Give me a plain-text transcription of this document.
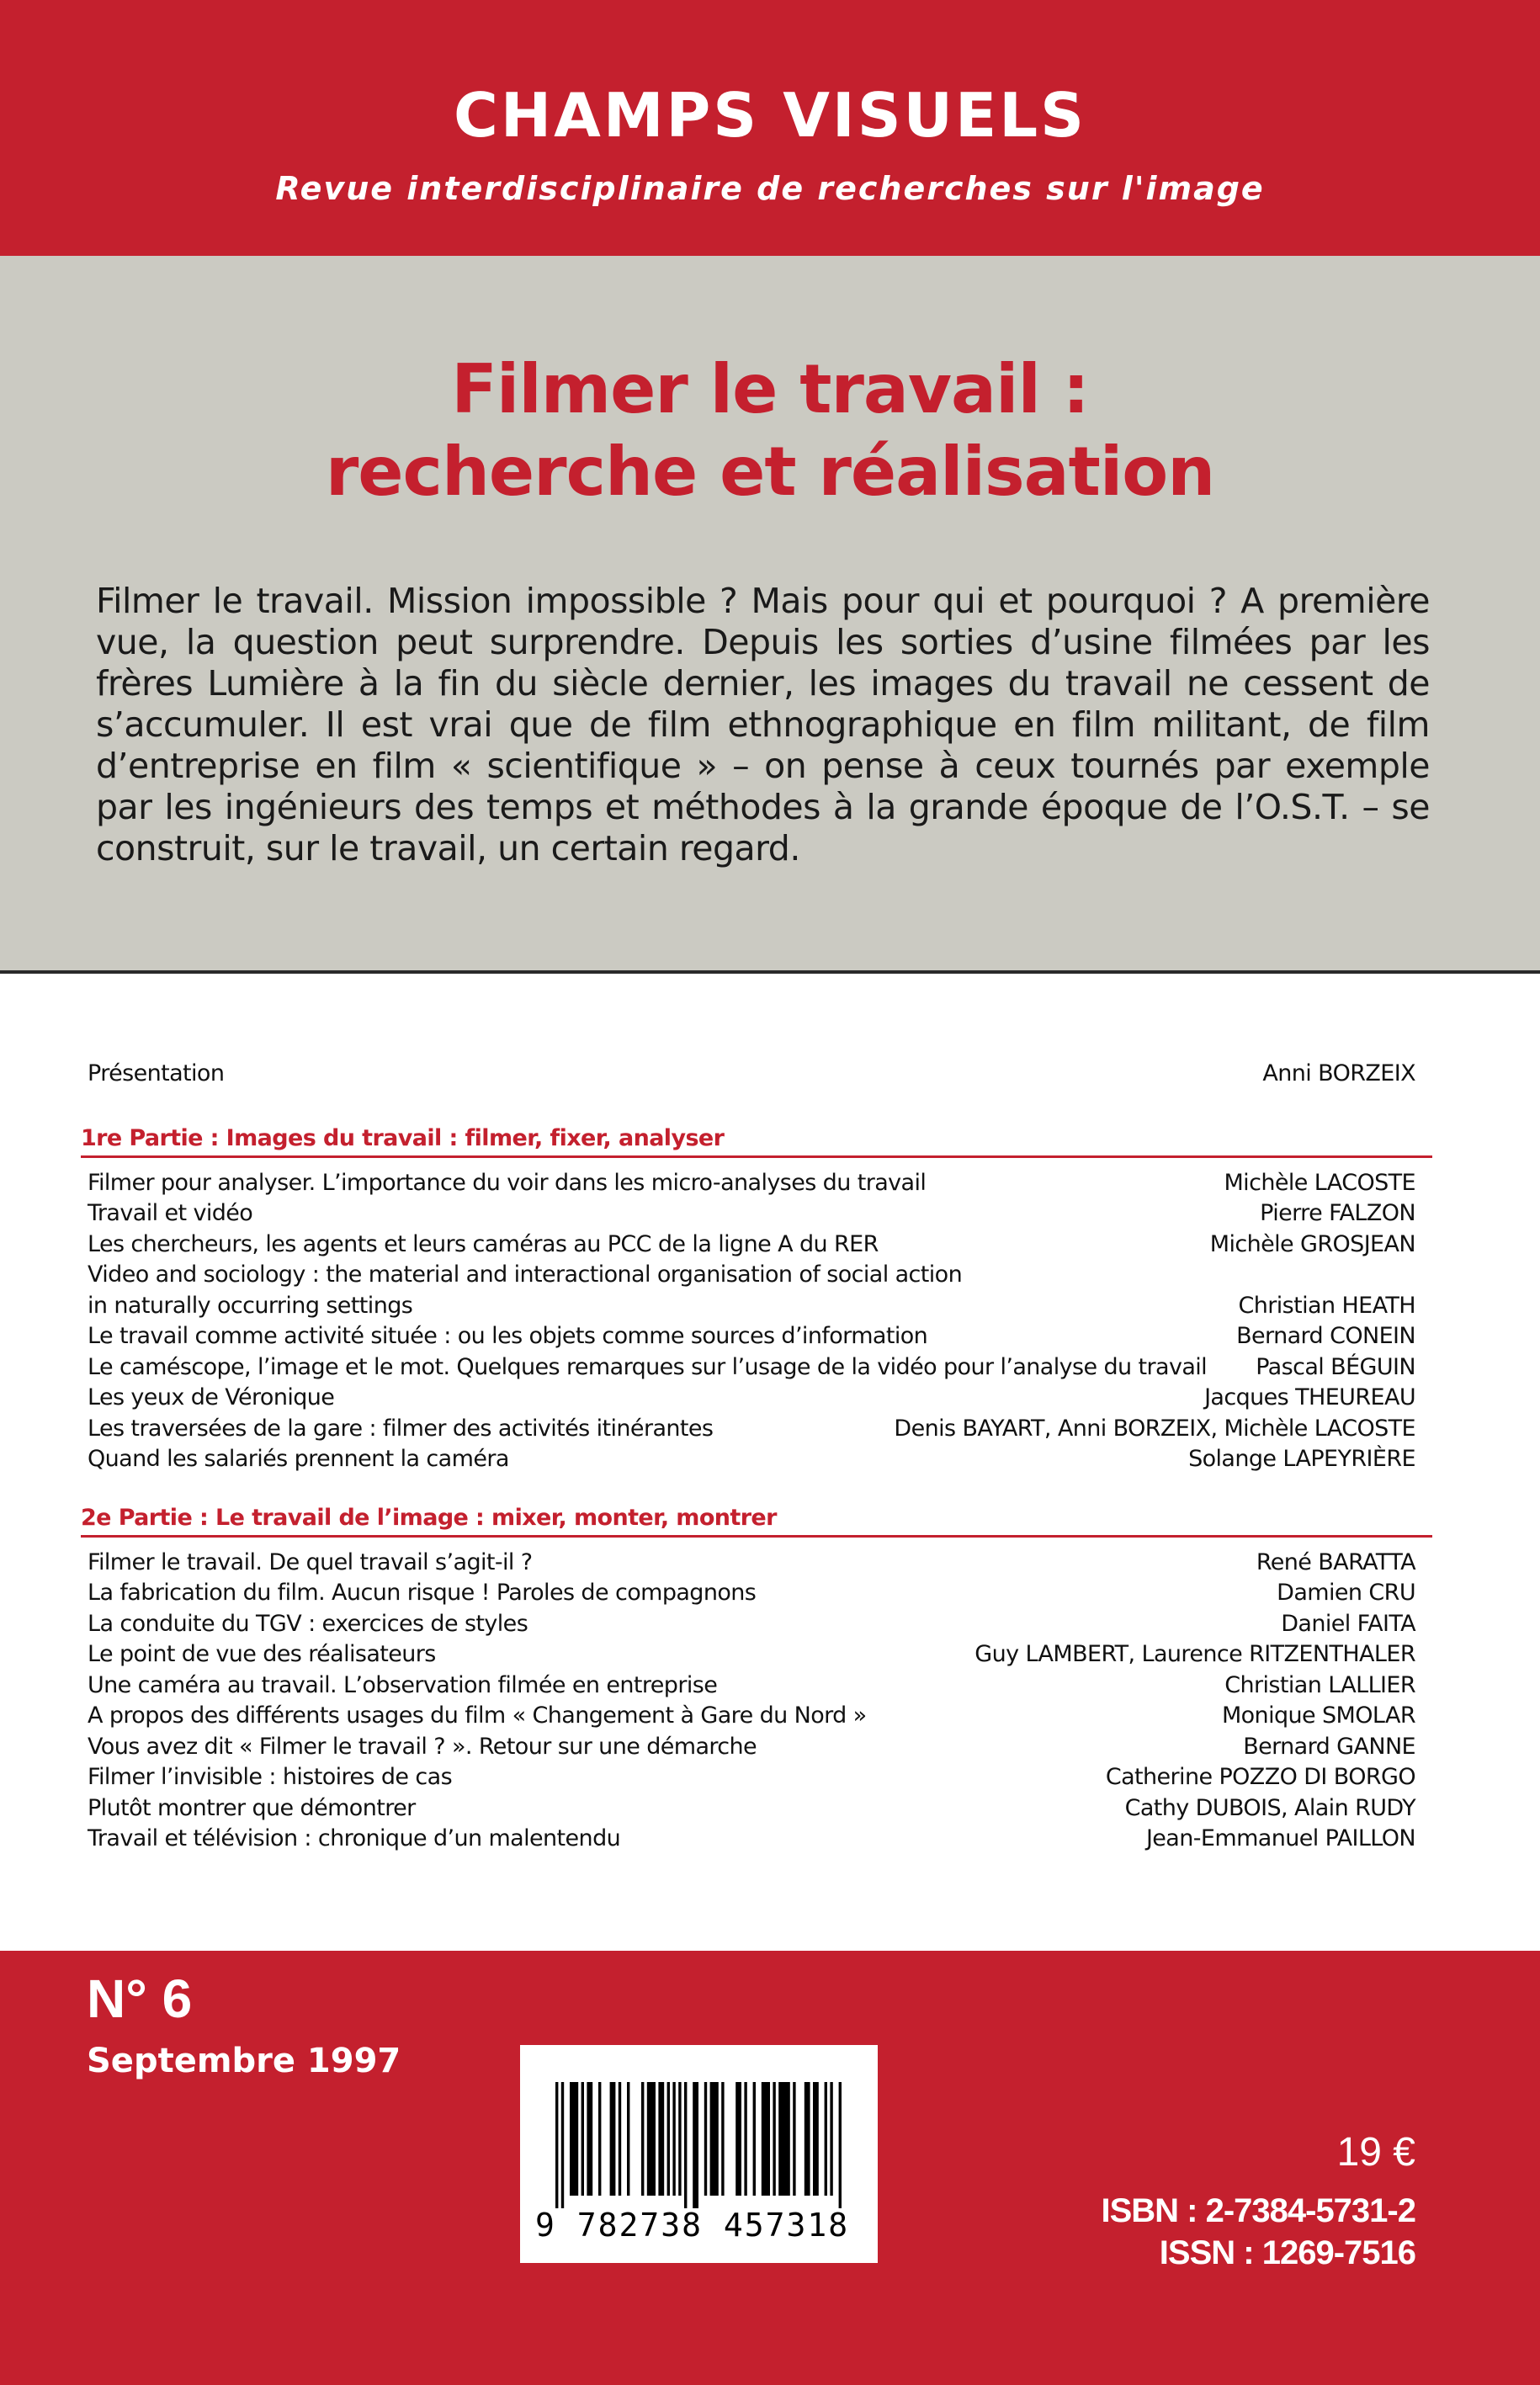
CHAMPS VISUELS
Revue interdisciplinaire de recherches sur l'image
Filmer le travail :
recherche et réalisation
Filmer le travail. Mission impossible ? Mais pour qui et pourquoi ? A première vue, la question peut surprendre. Depuis les sorties d’usine filmées par les frères Lumière à la fin du siècle dernier, les images du travail ne cessent de s’accumuler. Il est vrai que de film ethnographique en film militant, de film d’entreprise en film « scientifique » – on pense à ceux tournés par exemple par les ingénieurs des temps et méthodes à la grande époque de l’O.S.T. – se construit, sur le travail, un certain regard.
Présentation	Anni BORZEIX
1re Partie : Images du travail : filmer, fixer, analyser
Filmer pour analyser. L’importance du voir dans les micro-analyses du travail	Michèle LACOSTE
Travail et vidéo	Pierre FALZON
Les chercheurs, les agents et leurs caméras au PCC de la ligne A du RER	Michèle GROSJEAN
Video and sociology : the material and interactional organisation of social action
in naturally occurring settings	Christian HEATH
Le travail comme activité située : ou les objets comme sources d’information	Bernard CONEIN
Le caméscope, l’image et le mot. Quelques remarques sur l’usage de la vidéo pour l’analyse du travail Pascal BÉGUIN
Les yeux de Véronique	Jacques THEUREAU
Les traversées de la gare : filmer des activités itinérantes	Denis BAYART, Anni BORZEIX, Michèle LACOSTE
Quand les salariés prennent la caméra	Solange LAPEYRIÈRE
2e Partie : Le travail de l’image : mixer, monter, montrer
Filmer le travail. De quel travail s’agit-il ?	René BARATTA
La fabrication du film. Aucun risque ! Paroles de compagnons	Damien CRU
La conduite du TGV : exercices de styles	Daniel FAITA
Le point de vue des réalisateurs	Guy LAMBERT, Laurence RITZENTHALER
Une caméra au travail. L’observation filmée en entreprise	Christian LALLIER
A propos des différents usages du film « Changement à Gare du Nord »	Monique SMOLAR
Vous avez dit « Filmer le travail ? ». Retour sur une démarche	Bernard GANNE
Filmer l’invisible : histoires de cas	Catherine POZZO DI BORGO
Plutôt montrer que démontrer	Cathy DUBOIS, Alain RUDY
Travail et télévision : chronique d’un malentendu	Jean-Emmanuel PAILLON
N° 6
Septembre 1997
9 782738 457318
19 €
ISBN : 2-7384-5731-2
ISSN : 1269-7516
